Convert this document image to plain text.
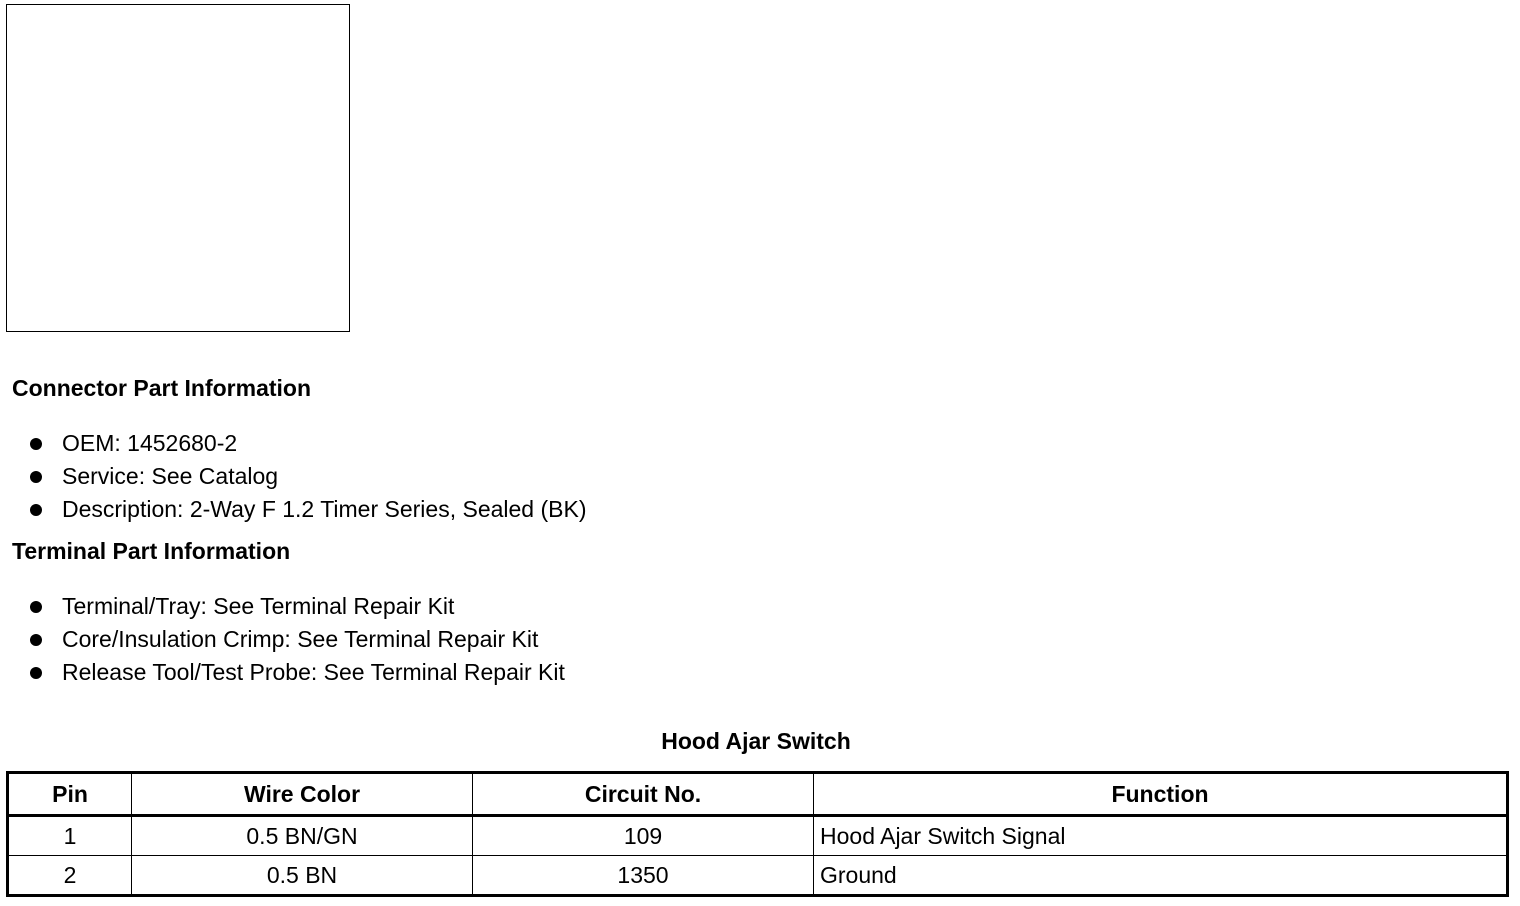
Connector Part Information
OEM: 1452680-2
Service: See Catalog
Description: 2-Way F 1.2 Timer Series, Sealed (BK)
Terminal Part Information
Terminal/Tray: See Terminal Repair Kit
Core/Insulation Crimp: See Terminal Repair Kit
Release Tool/Test Probe: See Terminal Repair Kit
Hood Ajar Switch
Pin	Wire Color	Circuit No.	Function
1	0.5 BN/GN	109	Hood Ajar Switch Signal
2	0.5 BN	1350	Ground
